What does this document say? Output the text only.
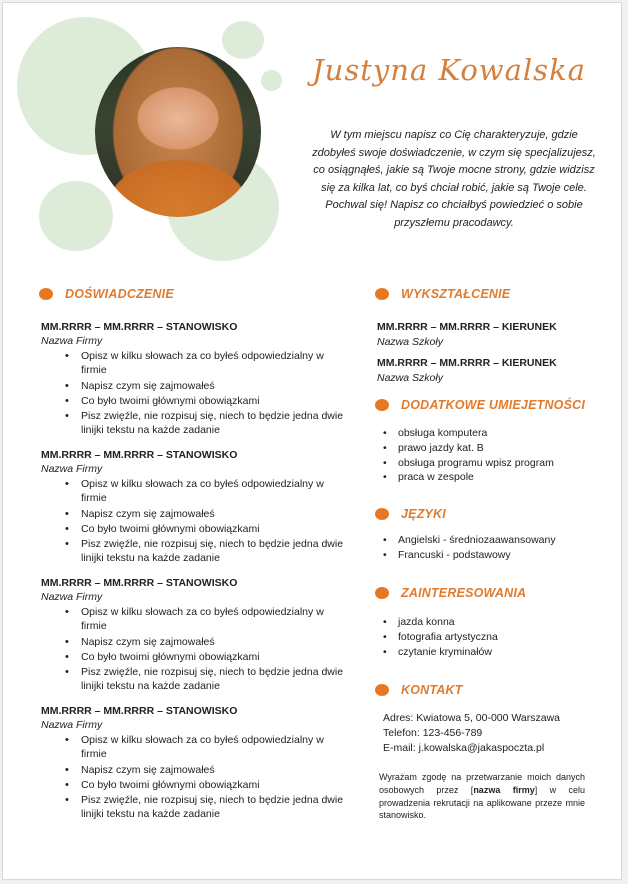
Justyna Kowalska
W tym miejscu napisz co Cię charakteryzuje, gdzie zdobyłeś swoje doświadczenie, w czym się specjalizujesz, co osiągnąłeś, jakie są Twoje mocne strony, gdzie widzisz się za kilka lat, co byś chciał robić, jakie są Twoje cele. Pochwal się! Napisz co chciałbyś powiedzieć o sobie przyszłemu pracodawcy.
DOŚWIADCZENIE
MM.RRRR – MM.RRRR – STANOWISKO
Nazwa Firmy
• Opisz w kilku słowach za co byłeś odpowiedzialny w firmie
• Napisz czym się zajmowałeś
• Co było twoimi głównymi obowiązkami
• Pisz zwięźle, nie rozpisuj się, niech to będzie jedna dwie linijki tekstu na każde zadanie
MM.RRRR – MM.RRRR – STANOWISKO
Nazwa Firmy
• Opisz w kilku słowach za co byłeś odpowiedzialny w firmie
• Napisz czym się zajmowałeś
• Co było twoimi głównymi obowiązkami
• Pisz zwięźle, nie rozpisuj się, niech to będzie jedna dwie linijki tekstu na każde zadanie
MM.RRRR – MM.RRRR – STANOWISKO
Nazwa Firmy
• Opisz w kilku słowach za co byłeś odpowiedzialny w firmie
• Napisz czym się zajmowałeś
• Co było twoimi głównymi obowiązkami
• Pisz zwięźle, nie rozpisuj się, niech to będzie jedna dwie linijki tekstu na każde zadanie
MM.RRRR – MM.RRRR – STANOWISKO
Nazwa Firmy
• Opisz w kilku słowach za co byłeś odpowiedzialny w firmie
• Napisz czym się zajmowałeś
• Co było twoimi głównymi obowiązkami
• Pisz zwięźle, nie rozpisuj się, niech to będzie jedna dwie linijki tekstu na każde zadanie
WYKSZTAŁCENIE
MM.RRRR – MM.RRRR – KIERUNEK
Nazwa Szkoły
MM.RRRR – MM.RRRR – KIERUNEK
Nazwa Szkoły
DODATKOWE UMIEJETNOŚCI
• obsługa komputera
• prawo jazdy kat. B
• obsługa programu wpisz program
• praca w zespole
JĘZYKI
• Angielski - średniozaawansowany
• Francuski - podstawowy
ZAINTERESOWANIA
• jazda konna
• fotografia artystyczna
• czytanie kryminałów
KONTAKT
Adres: Kwiatowa 5, 00-000 Warszawa
Telefon: 123-456-789
E-mail: j.kowalska@jakaspoczta.pl
Wyrażam zgodę na przetwarzanie moich danych osobowych przez [nazwa firmy] w celu prowadzenia rekrutacji na aplikowane przeze mnie stanowisko.
